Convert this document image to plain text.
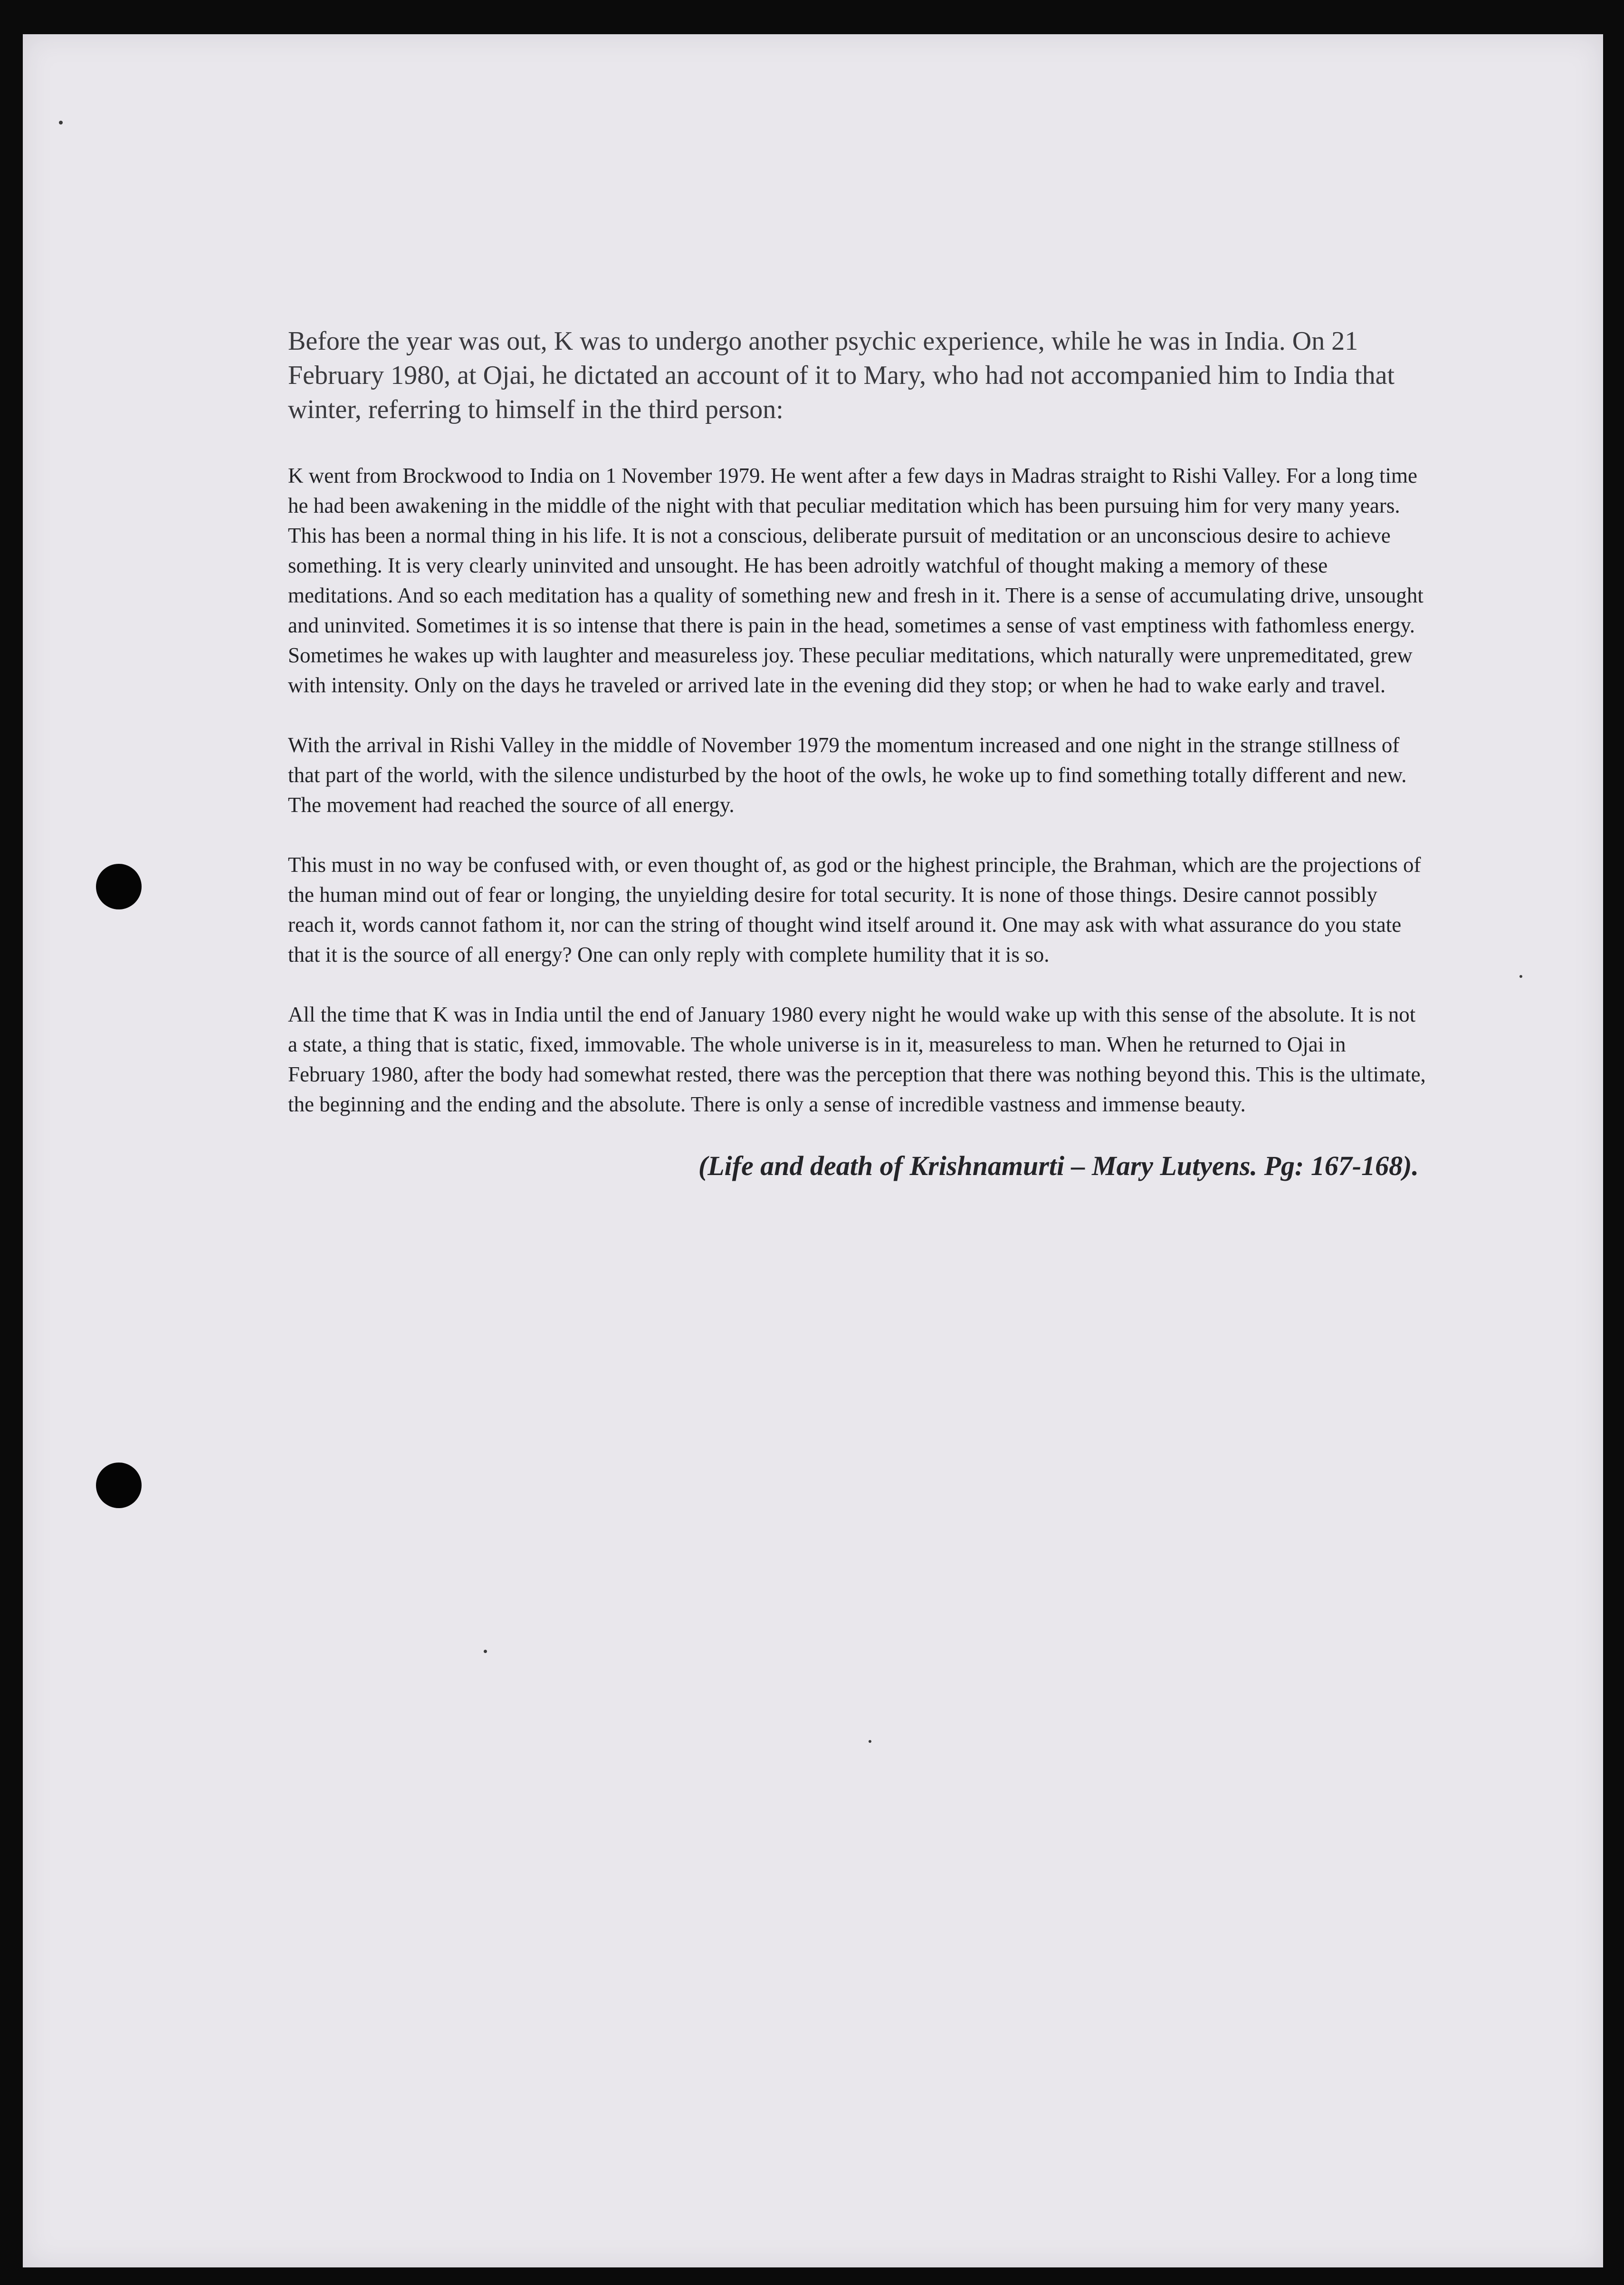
Before the year was out, K was to undergo another psychic experience, while he was in India. On 21 February 1980, at Ojai, he dictated an account of it to Mary, who had not accompanied him to India that winter, referring to himself in the third person:

K went from Brockwood to India on 1 November 1979. He went after a few days in Madras straight to Rishi Valley. For a long time he had been awakening in the middle of the night with that peculiar meditation which has been pursuing him for very many years. This has been a normal thing in his life. It is not a conscious, deliberate pursuit of meditation or an unconscious desire to achieve something. It is very clearly uninvited and unsought. He has been adroitly watchful of thought making a memory of these meditations. And so each meditation has a quality of something new and fresh in it. There is a sense of accumulating drive, unsought and uninvited. Sometimes it is so intense that there is pain in the head, sometimes a sense of vast emptiness with fathomless energy. Sometimes he wakes up with laughter and measureless joy. These peculiar meditations, which naturally were unpremeditated, grew with intensity. Only on the days he traveled or arrived late in the evening did they stop; or when he had to wake early and travel.

With the arrival in Rishi Valley in the middle of November 1979 the momentum increased and one night in the strange stillness of that part of the world, with the silence undisturbed by the hoot of the owls, he woke up to find something totally different and new. The movement had reached the source of all energy.

This must in no way be confused with, or even thought of, as god or the highest principle, the Brahman, which are the projections of the human mind out of fear or longing, the unyielding desire for total security. It is none of those things. Desire cannot possibly reach it, words cannot fathom it, nor can the string of thought wind itself around it. One may ask with what assurance do you state that it is the source of all energy? One can only reply with complete humility that it is so.

All the time that K was in India until the end of January 1980 every night he would wake up with this sense of the absolute. It is not a state, a thing that is static, fixed, immovable. The whole universe is in it, measureless to man. When he returned to Ojai in February 1980, after the body had somewhat rested, there was the perception that there was nothing beyond this. This is the ultimate, the beginning and the ending and the absolute. There is only a sense of incredible vastness and immense beauty.

(Life and death of Krishnamurti – Mary Lutyens. Pg: 167-168).
